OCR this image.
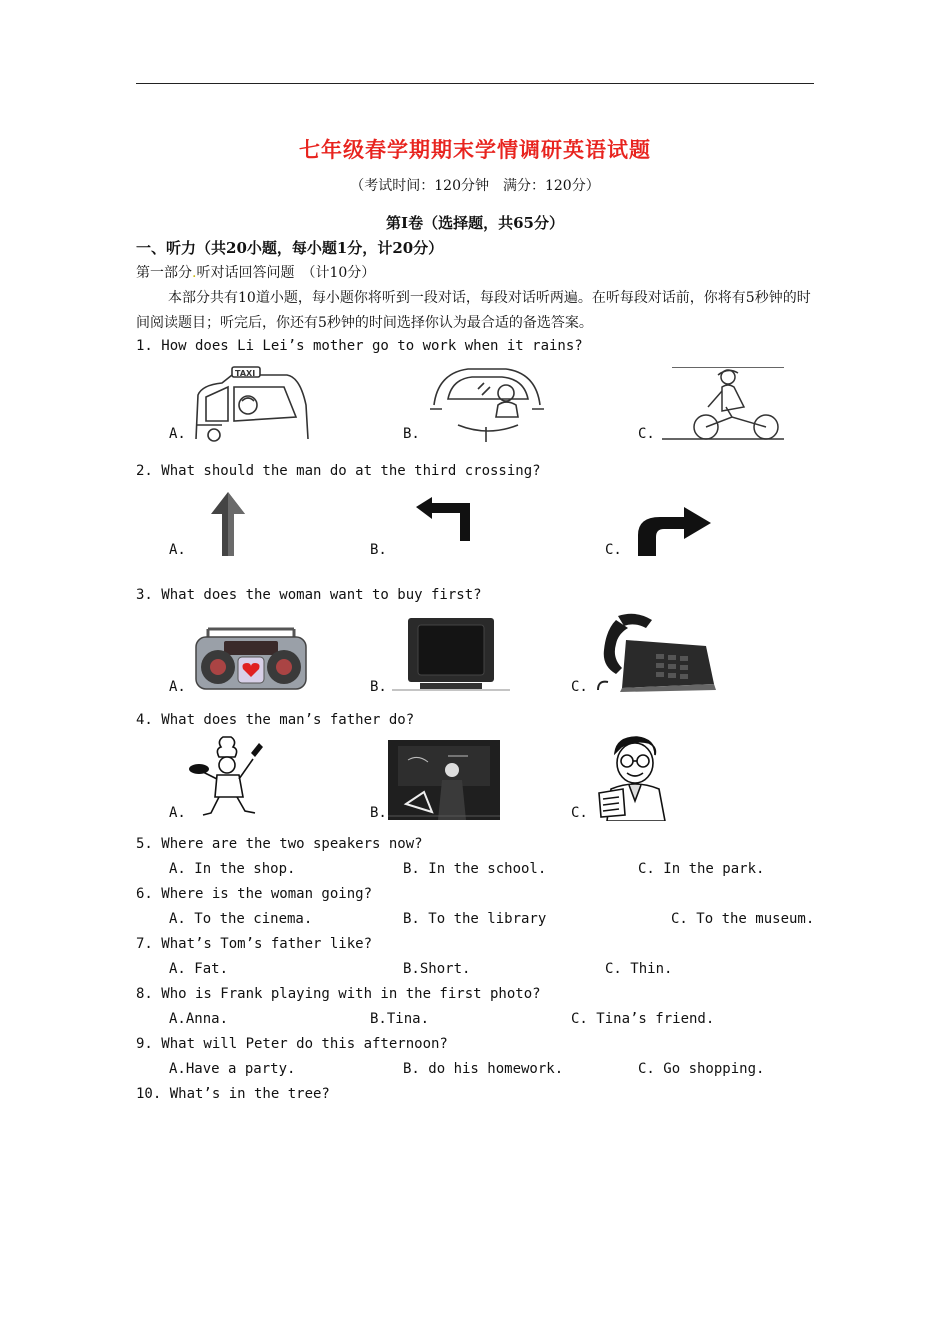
七年级春学期期末学情调研英语试题
（考试时间：120分钟　满分：120分）
第Ⅰ卷（选择题，共65分）
一、听力（共20小题，每小题1分，计20分）
第一部分.听对话回答问题　（计10分）
本部分共有10道小题，每小题你将听到一段对话，每段对话听两遍。在听每段对话前，你将有5秒钟的时间阅读题目；听完后，你还有5秒钟的时间选择你认为最合适的备选答案。
1. How does Li Lei’s mother go to work when it rains?
A.	B.	C.
TAXI
2. What should the man do at the third crossing?
A.	B.	C.
3. What does the woman want to buy first?
A.	B.	C.
4. What does the man’s father do?
A.	B.	C.
5. Where are the two speakers now?
A. In the shop.	B. In the school.	C. In the park.
6. Where is the woman going?
A. To the cinema.	B. To the library	C. To the museum.
7. What’s Tom’s father like?
A. Fat.	B.Short.	C. Thin.
8. Who is Frank playing with in the first photo?
A.Anna.	B.Tina.	C. Tina’s friend.
9. What will Peter do this afternoon?
A.Have a party.	B. do his homework.	C. Go shopping.
10. What’s in the tree?
